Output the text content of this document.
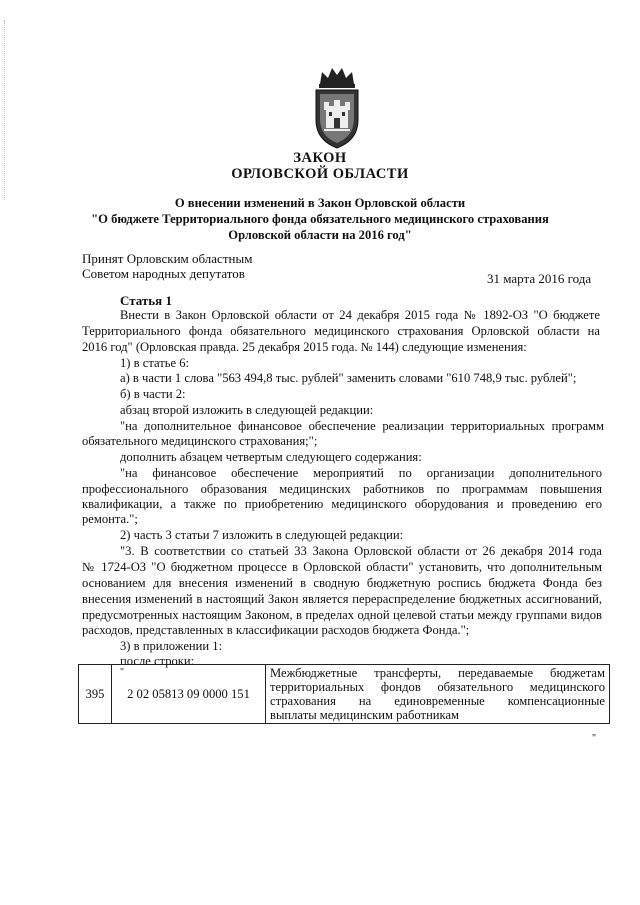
ЗАКОН
ОРЛОВСКОЙ ОБЛАСТИ
О внесении изменений в Закон Орловской области
"О бюджете Территориального фонда обязательного медицинского страхования
Орловской области на 2016 год"
Принят Орловским областным
Советом народных депутатов	31 марта 2016 года
Статья 1
Внести в Закон Орловской области от 24 декабря 2015 года № 1892-ОЗ "О бюджете
Территориального фонда обязательного медицинского страхования Орловской области на
2016 год" (Орловская правда. 25 декабря 2015 года. № 144) следующие изменения:
1) в статье 6:
а) в части 1 слова "563 494,8 тыс. рублей" заменить словами "610 748,9 тыс. рублей";
б) в части 2:
абзац второй изложить в следующей редакции:
"на дополнительное финансовое обеспечение реализации территориальных программ
обязательного медицинского страхования;";
дополнить абзацем четвертым следующего содержания:
"на финансовое обеспечение мероприятий по организации дополнительного
профессионального образования медицинских работников по программам повышения
квалификации, а также по приобретению медицинского оборудования и проведению его
ремонта.";
2) часть 3 статьи 7 изложить в следующей редакции:
"3. В соответствии со статьей 33 Закона Орловской области от 26 декабря 2014 года
№ 1724-ОЗ "О бюджетном процессе в Орловской области" установить, что дополнительным
основанием для внесения изменений в сводную бюджетную роспись бюджета Фонда без
внесения изменений в настоящий Закон является перераспределение бюджетных ассигнований,
предусмотренных настоящим Законом, в пределах одной целевой статьи между группами видов
расходов, представленных в классификации расходов бюджета Фонда.";
3) в приложении 1:
после строки:
"
395	2 02 05813 09 0000 151	
Межбюджетные трансферты, передаваемые бюджетам
территориальных фондов обязательного медицинского
страхования на единовременные компенсационные
выплаты медицинским работникам
"
